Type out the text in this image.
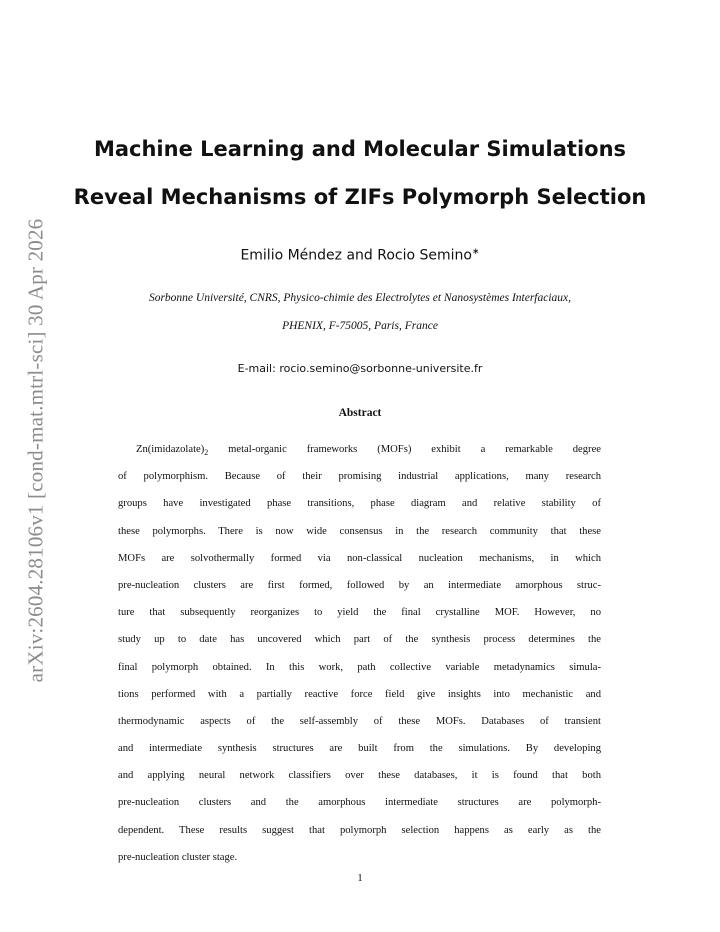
arXiv:2604.28106v1 [cond-mat.mtrl-sci] 30 Apr 2026
Machine Learning and Molecular Simulations
Reveal Mechanisms of ZIFs Polymorph Selection
Emilio Méndez and Rocio Semino∗
Sorbonne Université, CNRS, Physico-chimie des Electrolytes et Nanosystèmes Interfaciaux,
PHENIX, F-75005, Paris, France
E-mail: rocio.semino@sorbonne-universite.fr
Abstract
$Zn(imidazolate)_2$ metal-organic frameworks (MOFs) exhibit a remarkable degree
of polymorphism. Because of their promising industrial applications, many research
groups have investigated phase transitions, phase diagram and relative stability of
these polymorphs. There is now wide consensus in the research community that these
MOFs are solvothermally formed via non-classical nucleation mechanisms, in which
pre-nucleation clusters are first formed, followed by an intermediate amorphous struc-
ture that subsequently reorganizes to yield the final crystalline MOF. However, no
study up to date has uncovered which part of the synthesis process determines the
final polymorph obtained. In this work, path collective variable metadynamics simula-
tions performed with a partially reactive force field give insights into mechanistic and
thermodynamic aspects of the self-assembly of these MOFs. Databases of transient
and intermediate synthesis structures are built from the simulations. By developing
and applying neural network classifiers over these databases, it is found that both
pre-nucleation clusters and the amorphous intermediate structures are polymorph-
dependent. These results suggest that polymorph selection happens as early as the
pre-nucleation cluster stage.
1
